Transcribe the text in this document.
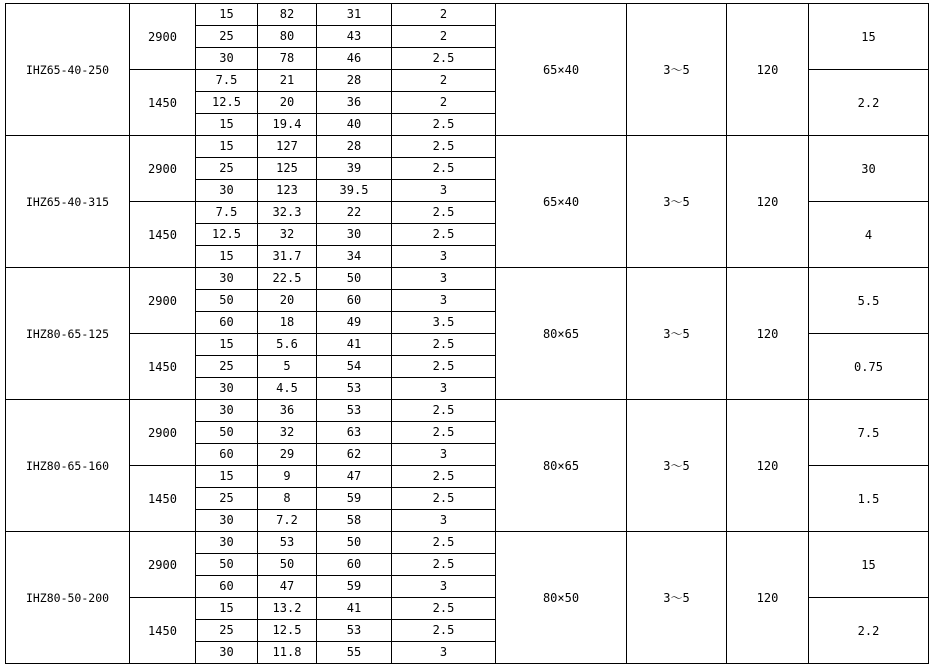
IHZ65-40-250	2900	15	82	31	2	65×40	3～5	120	15
		25	80	43	2				
		30	78	46	2.5				
	1450	7.5	21	28	2				2.2
		12.5	20	36	2				
		15	19.4	40	2.5				
IHZ65-40-315	2900	15	127	28	2.5	65×40	3～5	120	30
		25	125	39	2.5				
		30	123	39.5	3				
	1450	7.5	32.3	22	2.5				4
		12.5	32	30	2.5				
		15	31.7	34	3				
IHZ80-65-125	2900	30	22.5	50	3	80×65	3～5	120	5.5
		50	20	60	3				
		60	18	49	3.5				
	1450	15	5.6	41	2.5				0.75
		25	5	54	2.5				
		30	4.5	53	3				
IHZ80-65-160	2900	30	36	53	2.5	80×65	3～5	120	7.5
		50	32	63	2.5				
		60	29	62	3				
	1450	15	9	47	2.5				1.5
		25	8	59	2.5				
		30	7.2	58	3				
IHZ80-50-200	2900	30	53	50	2.5	80×50	3～5	120	15
		50	50	60	2.5				
		60	47	59	3				
	1450	15	13.2	41	2.5				2.2
		25	12.5	53	2.5				
		30	11.8	55	3				
